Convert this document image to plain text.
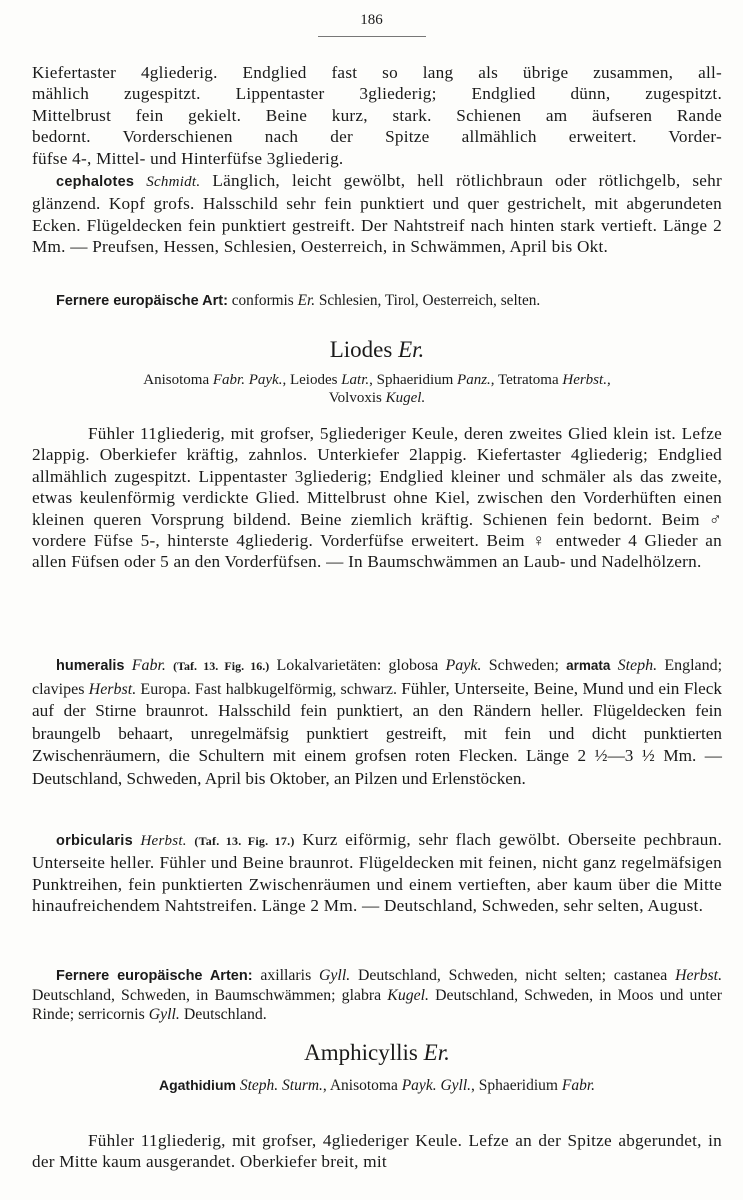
186

Kiefertaster 4gliederig. Endglied fast so lang als übrige zusammen, all-

mählich zugespitzt. Lippentaster 3gliederig; Endglied dünn, zugespitzt.

Mittelbrust fein gekielt. Beine kurz, stark. Schienen am äufseren Rande

bedornt. Vorderschienen nach der Spitze allmählich erweitert. Vorder-

füfse 4-, Mittel- und Hinterfüfse 3gliederig.

cephalotes Schmidt. Länglich, leicht gewölbt, hell rötlichbraun oder rötlichgelb, sehr glänzend. Kopf grofs. Halsschild sehr fein punktiert und quer gestrichelt, mit abgerundeten Ecken. Flügeldecken fein punktiert gestreift. Der Nahtstreif nach hinten stark vertieft. Länge 2 Mm. — Preufsen, Hessen, Schlesien, Oesterreich, in Schwämmen, April bis Okt.

Fernere europäische Art: conformis Er. Schlesien, Tirol, Oesterreich, selten.

Liodes Er.

Anisotoma Fabr. Payk., Leiodes Latr., Sphaeridium Panz., Tetratoma Herbst.,
Volvoxis Kugel.

Fühler 11gliederig, mit grofser, 5gliederiger Keule, deren zweites Glied klein ist. Lefze 2lappig. Oberkiefer kräftig, zahnlos. Unterkiefer 2lappig. Kiefertaster 4gliederig; Endglied allmählich zugespitzt. Lippentaster 3gliederig; Endglied kleiner und schmäler als das zweite, etwas keulenförmig verdickte Glied. Mittelbrust ohne Kiel, zwischen den Vorderhüften einen kleinen queren Vorsprung bildend. Beine ziemlich kräftig. Schienen fein bedornt. Beim ♂ vordere Füfse 5-, hinterste 4gliederig. Vorderfüfse erweitert. Beim ♀ entweder 4 Glieder an allen Füfsen oder 5 an den Vorderfüfsen. — In Baumschwämmen an Laub- und Nadelhölzern.

humeralis Fabr. (Taf. 13. Fig. 16.) Lokalvarietäten: globosa Payk. Schweden; armata Steph. England; clavipes Herbst. Europa. Fast halbkugelförmig, schwarz. Fühler, Unterseite, Beine, Mund und ein Fleck auf der Stirne braunrot. Halsschild fein punktiert, an den Rändern heller. Flügeldecken fein braungelb behaart, unregelmäfsig punktiert gestreift, mit fein und dicht punktierten Zwischenräumern, die Schultern mit einem grofsen roten Flecken. Länge 2 ½—3 ½ Mm. — Deutschland, Schweden, April bis Oktober, an Pilzen und Erlenstöcken.

orbicularis Herbst. (Taf. 13. Fig. 17.) Kurz eiförmig, sehr flach gewölbt. Oberseite pechbraun. Unterseite heller. Fühler und Beine braunrot. Flügeldecken mit feinen, nicht ganz regelmäfsigen Punktreihen, fein punktierten Zwischenräumen und einem vertieften, aber kaum über die Mitte hinaufreichendem Nahtstreifen. Länge 2 Mm. — Deutschland, Schweden, sehr selten, August.

Fernere europäische Arten: axillaris Gyll. Deutschland, Schweden, nicht selten; castanea Herbst. Deutschland, Schweden, in Baumschwämmen; glabra Kugel. Deutschland, Schweden, in Moos und unter Rinde; serricornis Gyll. Deutschland.

Amphicyllis Er.

Agathidium Steph. Sturm., Anisotoma Payk. Gyll., Sphaeridium Fabr.

Fühler 11gliederig, mit grofser, 4gliederiger Keule. Lefze an der Spitze abgerundet, in der Mitte kaum ausgerandet. Oberkiefer breit, mit
